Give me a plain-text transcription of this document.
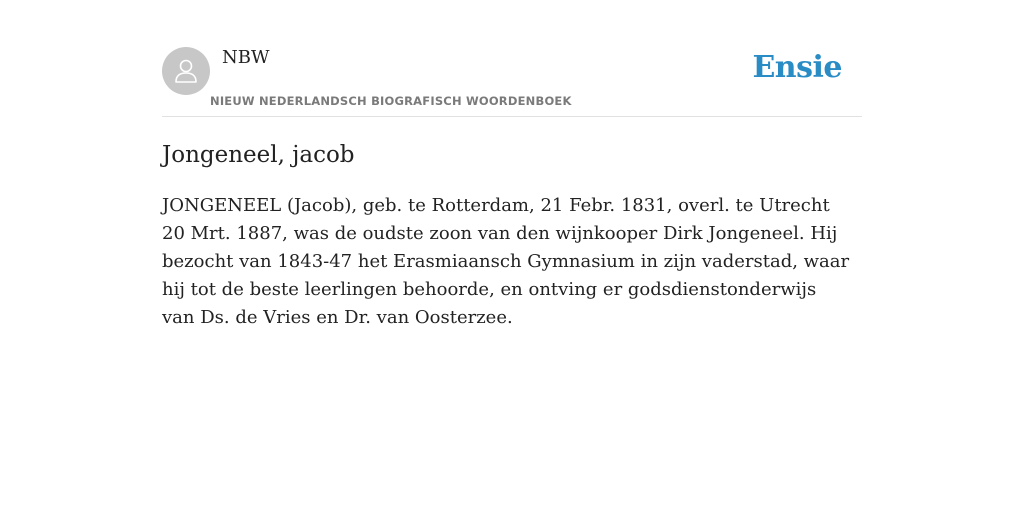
NBW
NIEUW NEDERLANDSCH BIOGRAFISCH WOORDENBOEK
Ensie
Jongeneel, jacob

JONGENEEL (Jacob), geb. te Rotterdam, 21 Febr. 1831, overl. te Utrecht 20 Mrt. 1887, was de oudste zoon van den wijnkooper Dirk Jongeneel. Hij bezocht van 1843-47 het Erasmiaansch Gymnasium in zijn vaderstad, waar hij tot de beste leerlingen behoorde, en ontving er godsdienstonderwijs van Ds. de Vries en Dr. van Oosterzee.
